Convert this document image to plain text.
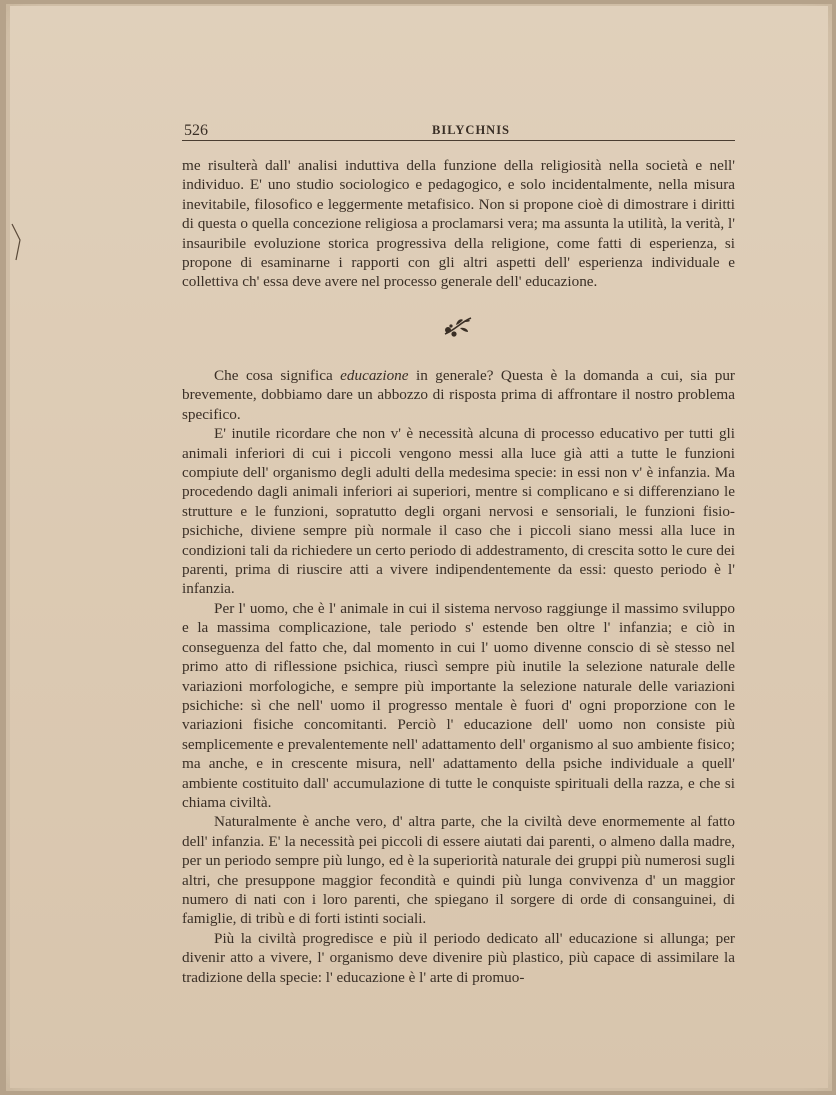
526	BILYCHNIS

me risulterà dall' analisi induttiva della funzione della religiosità nella società e nell' individuo. E' uno studio sociologico e pedagogico, e solo incidentalmente, nella misura inevitabile, filosofico e leggermente metafisico. Non si propone cioè di dimostrare i diritti di questa o quella concezione religiosa a proclamarsi vera; ma assunta la utilità, la verità, l' insauribile evoluzione storica progressiva della religione, come fatti di esperienza, si propone di esaminarne i rapporti con gli altri aspetti dell' esperienza individuale e collettiva ch' essa deve avere nel processo generale dell' educazione.

Che cosa significa educazione in generale? Questa è la domanda a cui, sia pur brevemente, dobbiamo dare un abbozzo di risposta prima di affrontare il nostro problema specifico.

E' inutile ricordare che non v' è necessità alcuna di processo educativo per tutti gli animali inferiori di cui i piccoli vengono messi alla luce già atti a tutte le funzioni compiute dell' organismo degli adulti della medesima specie: in essi non v' è infanzia. Ma procedendo dagli animali inferiori ai superiori, mentre si complicano e si differenziano le strutture e le funzioni, sopratutto degli organi nervosi e sensoriali, le funzioni fisio-psichiche, diviene sempre più normale il caso che i piccoli siano messi alla luce in condizioni tali da richiedere un certo periodo di addestramento, di crescita sotto le cure dei parenti, prima di riuscire atti a vivere indipendentemente da essi: questo periodo è l' infanzia.

Per l' uomo, che è l' animale in cui il sistema nervoso raggiunge il massimo sviluppo e la massima complicazione, tale periodo s' estende ben oltre l' infanzia; e ciò in conseguenza del fatto che, dal momento in cui l' uomo divenne conscio di sè stesso nel primo atto di riflessione psichica, riuscì sempre più inutile la selezione naturale delle variazioni morfologiche, e sempre più importante la selezione naturale delle variazioni psichiche: sì che nell' uomo il progresso mentale è fuori d' ogni proporzione con le variazioni fisiche concomitanti. Perciò l' educazione dell' uomo non consiste più semplicemente e prevalentemente nell' adattamento dell' organismo al suo ambiente fisico; ma anche, e in crescente misura, nell' adattamento della psiche individuale a quell' ambiente costituito dall' accumulazione di tutte le conquiste spirituali della razza, e che si chiama civiltà.

Naturalmente è anche vero, d' altra parte, che la civiltà deve enormemente al fatto dell' infanzia. E' la necessità pei piccoli di essere aiutati dai parenti, o almeno dalla madre, per un periodo sempre più lungo, ed è la superiorità naturale dei gruppi più numerosi sugli altri, che presuppone maggior fecondità e quindi più lunga convivenza d' un maggior numero di nati con i loro parenti, che spiegano il sorgere di orde di consanguinei, di famiglie, di tribù e di forti istinti sociali.

Più la civiltà progredisce e più il periodo dedicato all' educazione si allunga; per divenir atto a vivere, l' organismo deve divenire più plastico, più capace di assimilare la tradizione della specie: l' educazione è l' arte di promuo-
